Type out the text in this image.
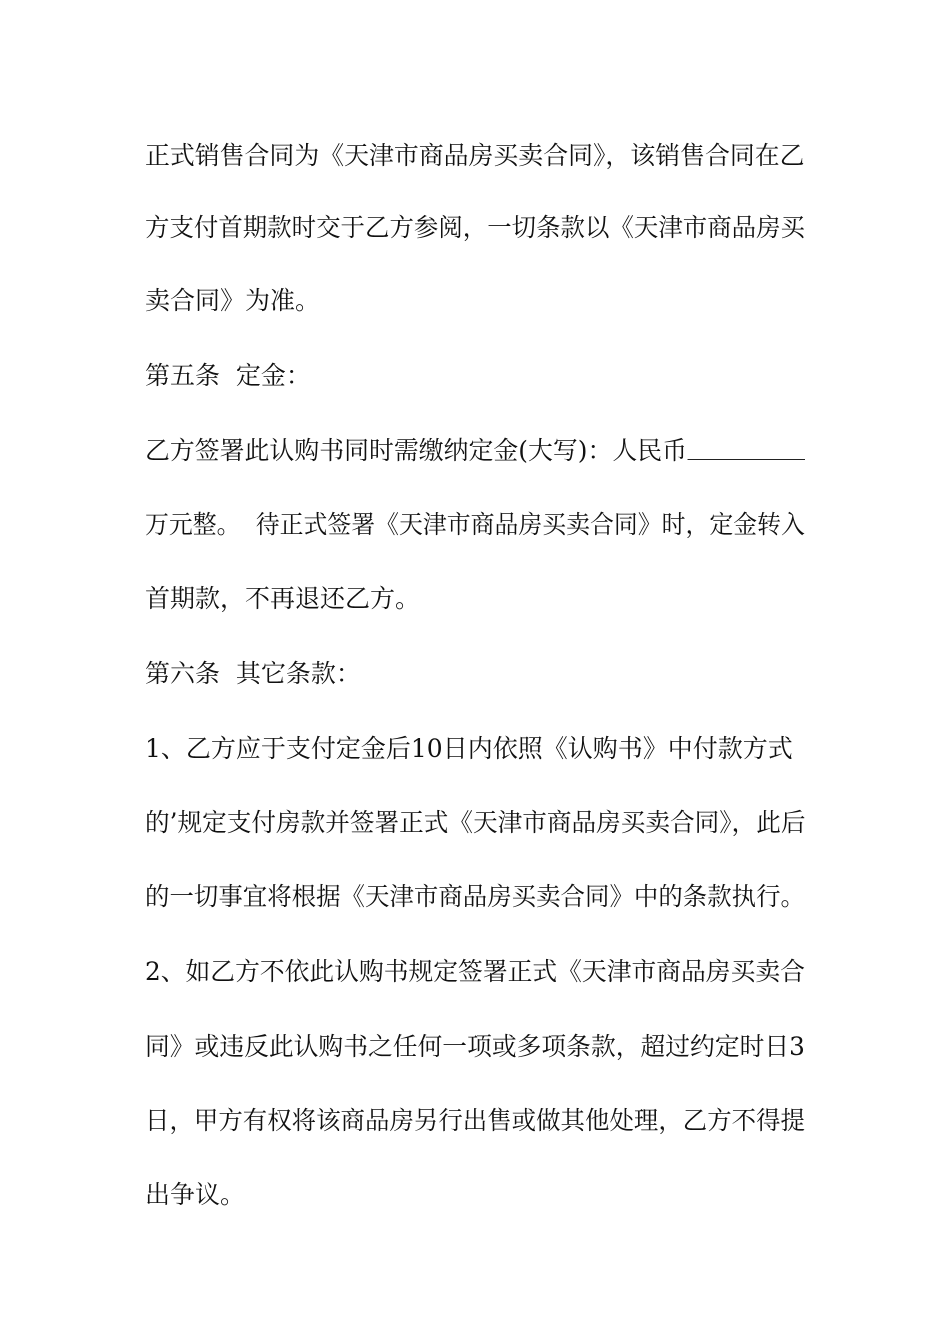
正式销售合同为《天津市商品房买卖合同》，该销售合同在乙
方支付首期款时交于乙方参阅，一切条款以《天津市商品房买
卖合同》为准。
第五条  定金：
乙方签署此认购书同时需缴纳定金(大写)：人民币
万元整。  待正式签署《天津市商品房买卖合同》时，定金转入
首期款，不再退还乙方。
第六条  其它条款：
1、乙方应于支付定金后10日内依照《认购书》中付款方式
的’规定支付房款并签署正式《天津市商品房买卖合同》，此后
的一切事宜将根据《天津市商品房买卖合同》中的条款执行。
2、如乙方不依此认购书规定签署正式《天津市商品房买卖合
同》或违反此认购书之任何一项或多项条款，超过约定时日3
日，甲方有权将该商品房另行出售或做其他处理，乙方不得提
出争议。
